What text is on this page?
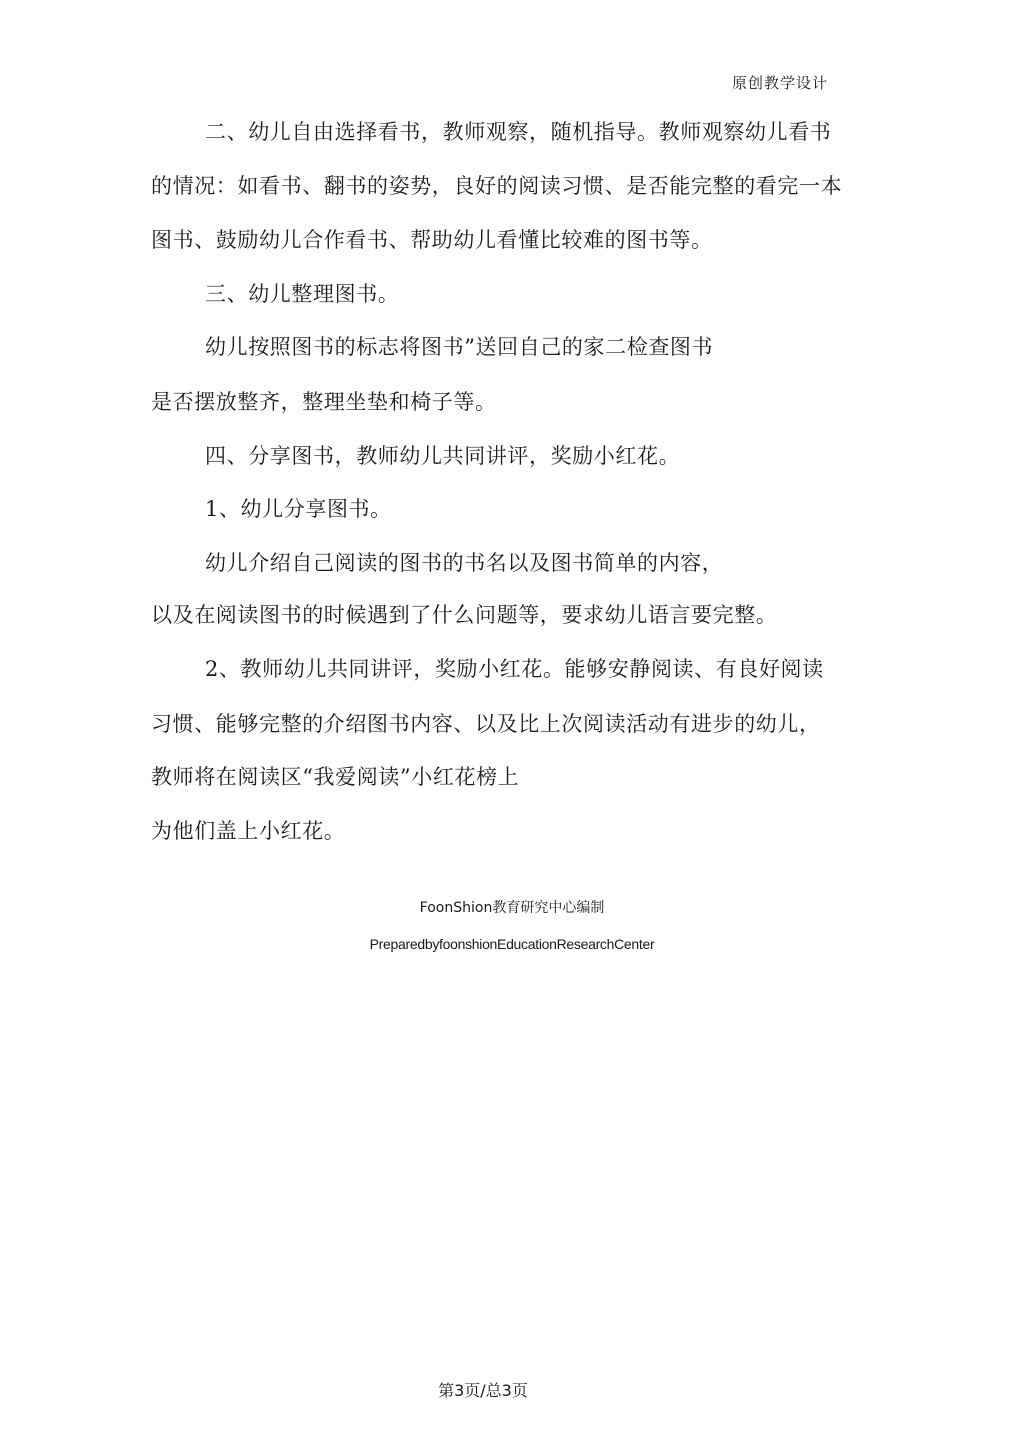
原创教学设计
二、幼儿自由选择看书，教师观察，随机指导。教师观察幼儿看书
的情况：如看书、翻书的姿势，良好的阅读习惯、是否能完整的看完一本
图书、鼓励幼儿合作看书、帮助幼儿看懂比较难的图书等。
三、幼儿整理图书。
幼儿按照图书的标志将图书”送回自己的家二检查图书
是否摆放整齐，整理坐垫和椅子等。
四、分享图书，教师幼儿共同讲评，奖励小红花。
1、幼儿分享图书。
幼儿介绍自己阅读的图书的书名以及图书简单的内容，
以及在阅读图书的时候遇到了什么问题等，要求幼儿语言要完整。
2、教师幼儿共同讲评，奖励小红花。能够安静阅读、有良好阅读
习惯、能够完整的介绍图书内容、以及比上次阅读活动有进步的幼儿，
教师将在阅读区“我爱阅读”小红花榜上
为他们盖上小红花。
FoonShion教育研究中心编制
PreparedbyfoonshionEducationResearchCenter
第3页/总3页
